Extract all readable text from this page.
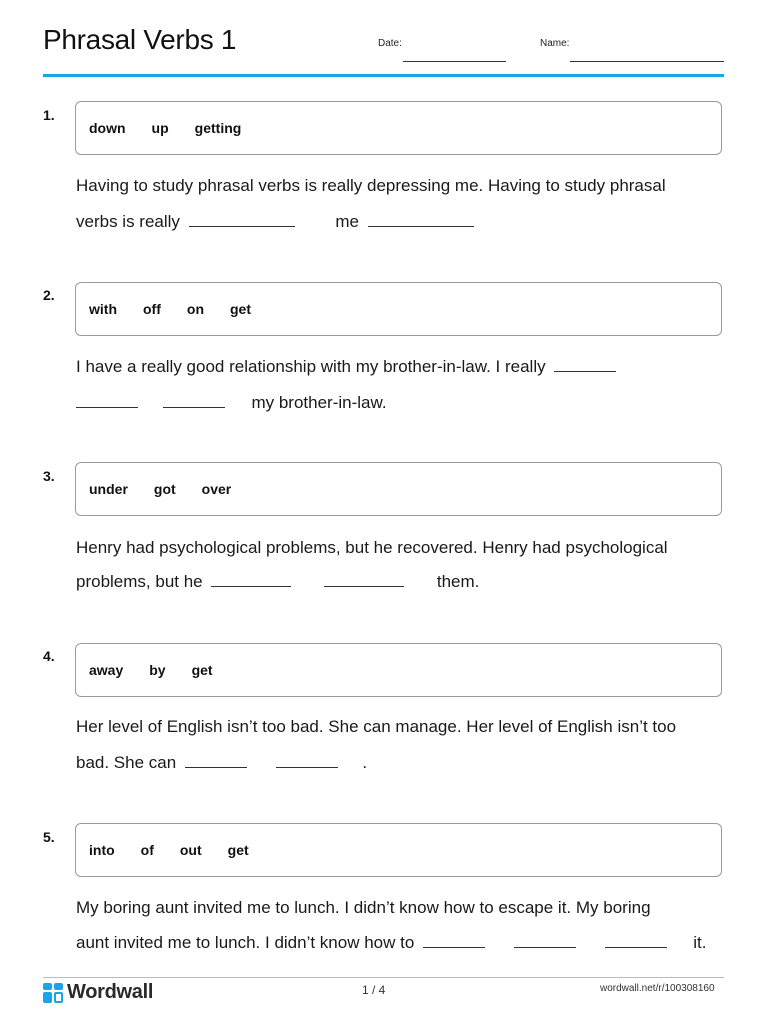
Phrasal Verbs 1	Date:	Name:
1.
down up getting
Having to study phrasal verbs is really depressing me. Having to study phrasal
verbs is really	me
2.
with off on get
I have a really good relationship with my brother-in-law. I really
my brother-in-law.
3.
under got over
Henry had psychological problems, but he recovered. Henry had psychological
problems, but he	them.
4.
away by get
Her level of English isn’t too bad. She can manage. Her level of English isn’t too
bad. She can	.
5.
into of out get
My boring aunt invited me to lunch. I didn’t know how to escape it. My boring
aunt invited me to lunch. I didn’t know how to	it.
Wordwall	1 / 4	wordwall.net/r/100308160
